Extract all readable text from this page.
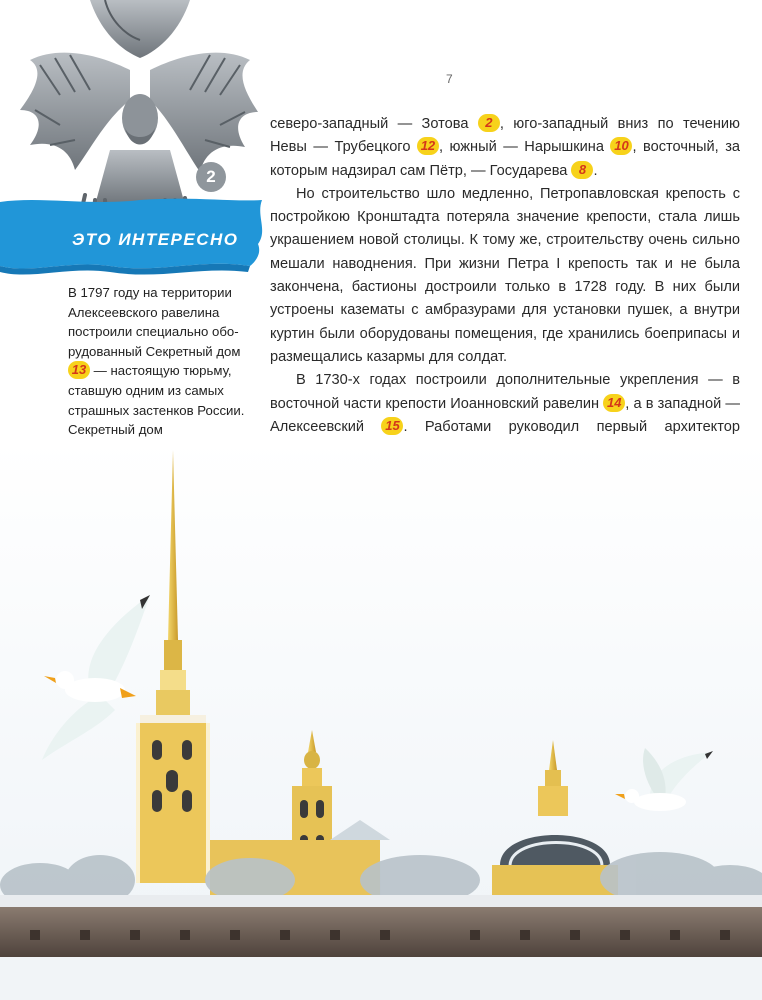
2
ЭТО ИНТЕРЕСНО
В 1797 году на территории Алексеевского равелина построили специально обо-рудованный Секретный дом 13 — настоящую тюрьму, ставшую одним из самых страшных застенков России. Секретный дом
7

северо-западный — Зотова 2 , юго-западный вниз по течению Невы — Трубецкого 12 , южный — Нарышкина 10 , восточный, за которым надзирал сам Пётр, — Государева 8 .

Но строительство шло медленно, Петропавловская крепость с постройкою Кронштадта потеряла значение крепости, стала лишь украшением новой столицы. К тому же, строительству очень сильно мешали наводнения. При жизни Петра I крепость так и не была закончена, бастионы достроили только в 1728 году. В них были устроены казематы с амбразурами для установки пушек, а внутри куртин были оборудованы помещения, где хранились боеприпасы и размещались казармы для солдат.

В 1730-х годах построили дополнительные укрепления — в восточной части крепости Иоанновский равелин 14 , а в западной — Алексеевский 15 . Работами руководил первый архитектор
